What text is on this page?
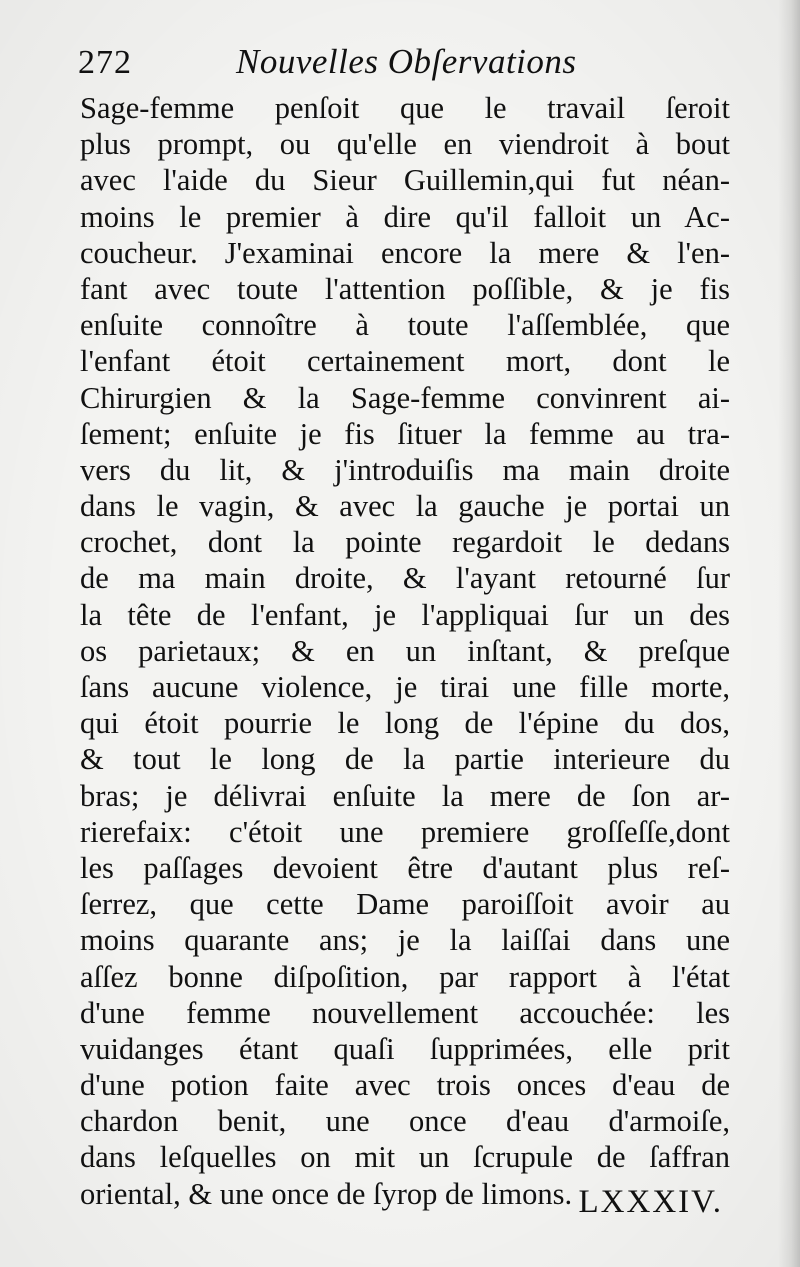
272	Nouvelles Obſervations
Sage-femme penſoit que le travail ſeroit
plus prompt, ou qu'elle en viendroit à bout
avec l'aide du Sieur Guillemin,qui fut néan-
moins le premier à dire qu'il falloit un Ac-
coucheur. J'examinai encore la mere & l'en-
fant avec toute l'attention poſſible, & je fis
enſuite connoître à toute l'aſſemblée, que
l'enfant étoit certainement mort, dont le
Chirurgien & la Sage-femme convinrent ai-
ſement; enſuite je fis ſituer la femme au tra-
vers du lit, & j'introduiſis ma main droite
dans le vagin, & avec la gauche je portai un
crochet, dont la pointe regardoit le dedans
de ma main droite, & l'ayant retourné ſur
la tête de l'enfant, je l'appliquai ſur un des
os parietaux; & en un inſtant, & preſque
ſans aucune violence, je tirai une fille morte,
qui étoit pourrie le long de l'épine du dos,
& tout le long de la partie interieure du
bras; je délivrai enſuite la mere de ſon ar-
rierefaix: c'étoit une premiere groſſeſſe,dont
les paſſages devoient être d'autant plus reſ-
ſerrez, que cette Dame paroiſſoit avoir au
moins quarante ans; je la laiſſai dans une
aſſez bonne diſpoſition, par rapport à l'état
d'une femme nouvellement accouchée: les
vuidanges étant quaſi ſupprimées, elle prit
d'une potion faite avec trois onces d'eau de
chardon benit, une once d'eau d'armoiſe,
dans leſquelles on mit un ſcrupule de ſaffran
oriental, & une once de ſyrop de limons. LXXXIV.
